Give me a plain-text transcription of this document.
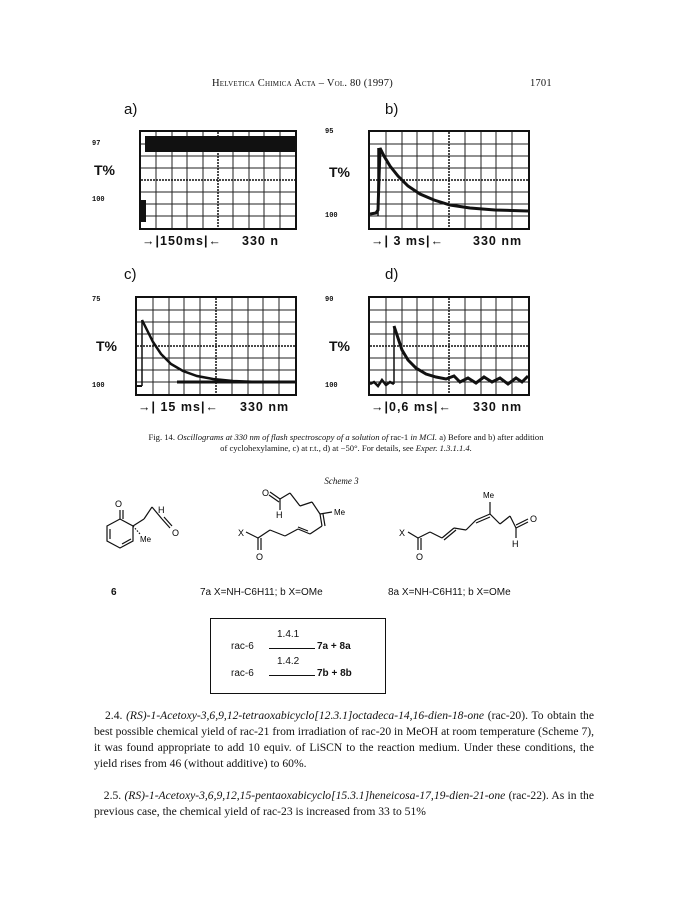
Helvetica Chimica Acta – Vol. 80 (1997)	1701
a)	b)
c)	d)
97
100
T%
→|150ms|← 330 n
95
100
T%
→| 3 ms|← 330 nm
75
100
T%
→| 15 ms|← 330 nm
90
100
T%
→|0,6 ms|← 330 nm
Fig. 14. Oscillograms at 330 nm of flash spectroscopy of a solution of rac-1 in MCI. a) Before and b) after addition
of cyclohexylamine, c) at r.t., d) at −50°. For details, see Exper. 1.3.1.1.4.
Scheme 3
O
H
O
Me
O
H	Me
X
O
Me
O
H
X
O
6	7a X=NH-C6H11; b X=OMe	8a X=NH-C6H11; b X=OMe
rac-6
1.4.1
7a + 8a
rac-6
1.4.2
7b + 8b
2.4. (RS)-1-Acetoxy-3,6,9,12-tetraoxabicyclo[12.3.1]octadeca-14,16-dien-18-one (rac-20). To obtain the best possible chemical yield of rac-21 from irradiation of rac-20 in MeOH at room temperature (Scheme 7), it was found appropriate to add 10 equiv. of LiSCN to the reaction medium. Under these conditions, the yield rises from 46 (without additive) to 60%.
2.5. (RS)-1-Acetoxy-3,6,9,12,15-pentaoxabicyclo[15.3.1]heneicosa-17,19-dien-21-one (rac-22). As in the previous case, the chemical yield of rac-23 is increased from 33 to 51%
